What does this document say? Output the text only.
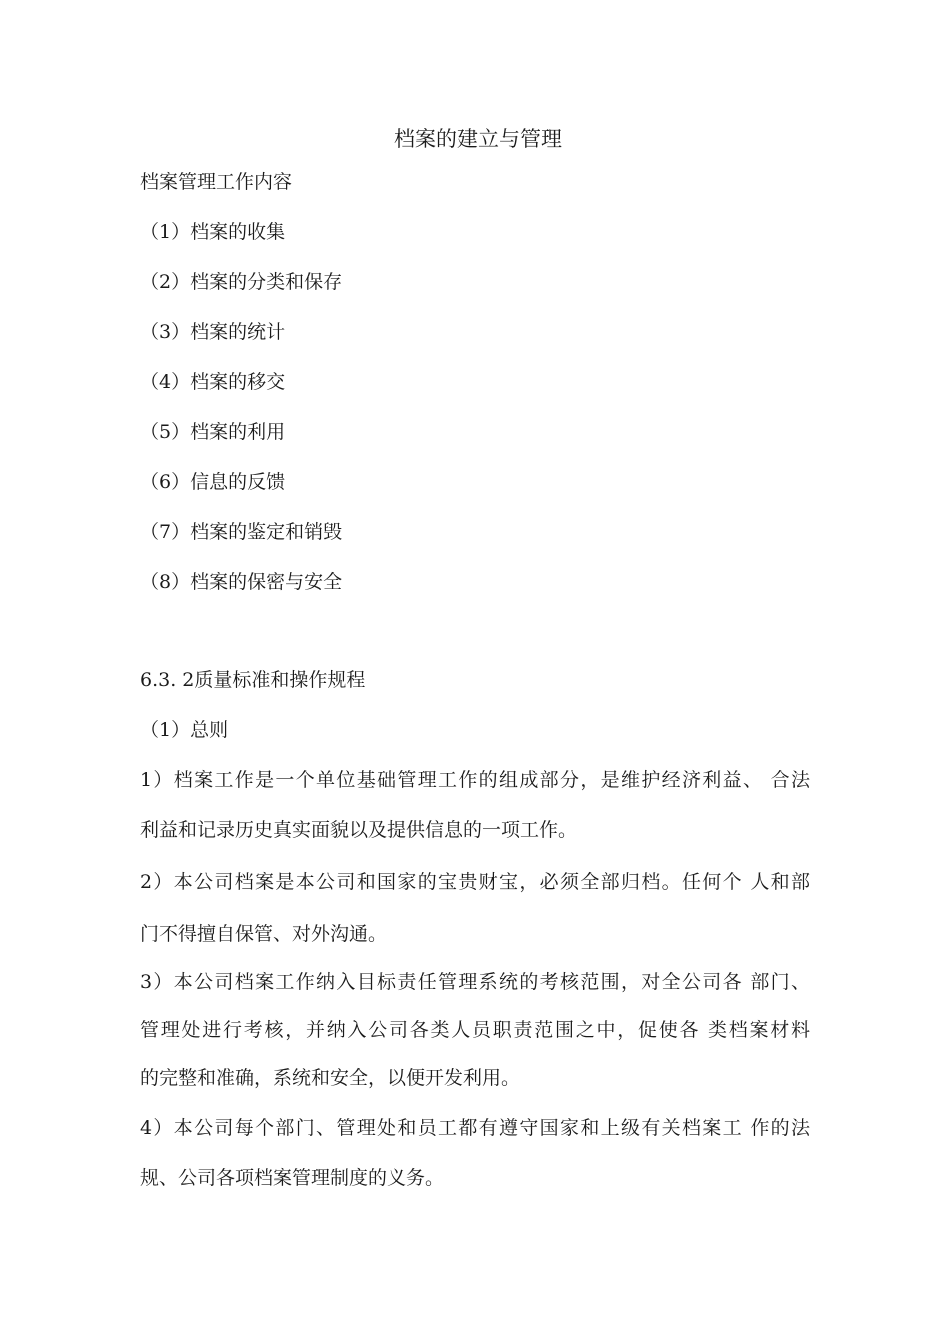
档案的建立与管理
档案管理工作内容
（1）档案的收集
（2）档案的分类和保存
（3）档案的统计
（4）档案的移交
（5）档案的利用
（6）信息的反馈
（7）档案的鉴定和销毁
（8）档案的保密与安全
6.3. 2质量标准和操作规程
（1）总则
1）档案工作是一个单位基础管理工作的组成部分，是维护经济利益、 合法
利益和记录历史真实面貌以及提供信息的一项工作。
2）本公司档案是本公司和国家的宝贵财宝，必须全部归档。任何个 人和部
门不得擅自保管、对外沟通。
3）本公司档案工作纳入目标责任管理系统的考核范围，对全公司各 部门、
管理处进行考核，并纳入公司各类人员职责范围之中，促使各 类档案材料
的完整和准确，系统和安全，以便开发利用。
4）本公司每个部门、管理处和员工都有遵守国家和上级有关档案工 作的法
规、公司各项档案管理制度的义务。
